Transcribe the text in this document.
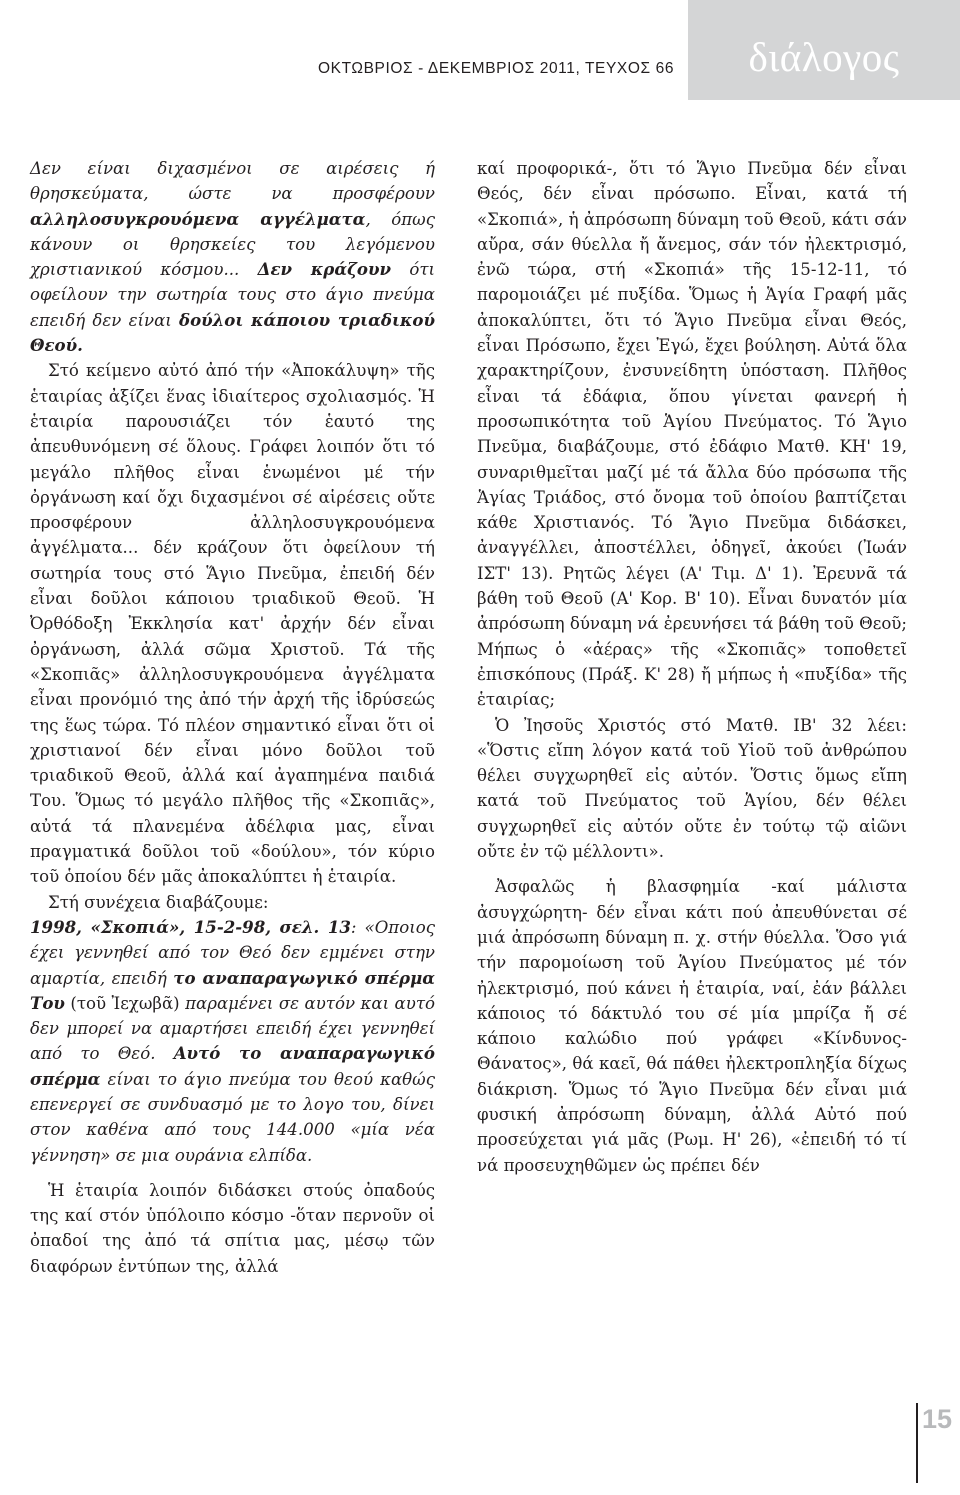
ΟΚΤΩΒΡΙΟΣ - ΔΕΚΕΜΒΡΙΟΣ 2011, ΤΕΥΧΟΣ 66	διάλογος

Δεν είναι διχασμένοι σε αιρέσεις ή θρησκεύματα, ώστε να προσφέρουν αλληλοσυγκρουόμενα αγγέλματα, όπως κάνουν οι θρησκείες του λεγόμενου χριστιανικού κόσμου... Δεν κράζουν ότι οφείλουν την σωτηρία τους στο άγιο πνεύμα επειδή δεν είναι δούλοι κάποιου τριαδικού Θεού.

Στό κείμενο αὐτό ἀπό τήν «Ἀποκάλυψη» τῆς ἑταιρίας ἀξίζει ἕνας ἰδιαίτερος σχολιασμός. Ἡ ἑταιρία παρουσιάζει τόν ἑαυτό της ἀπευθυνόμενη σέ ὅλους. Γράφει λοιπόν ὅτι τό μεγάλο πλῆθος εἶναι ἑνωμένοι μέ τήν ὀργάνωση καί ὄχι διχασμένοι σέ αἱρέσεις οὔτε προσφέρουν ἀλληλοσυγκρουόμενα ἀγγέλματα... δέν κράζουν ὅτι ὀφείλουν τή σωτηρία τους στό Ἅγιο Πνεῦμα, ἐπειδή δέν εἶναι δοῦλοι κάποιου τριαδικοῦ Θεοῦ. Ἡ Ὀρθόδοξη Ἐκκλησία κατ' ἀρχήν δέν εἶναι ὀργάνωση, ἀλλά σῶμα Χριστοῦ. Τά τῆς «Σκοπιᾶς» ἀλληλοσυγκρουόμενα ἀγγέλματα εἶναι προνόμιό της ἀπό τήν ἀρχή τῆς ἱδρύσεώς της ἕως τώρα. Τό πλέον σημαντικό εἶναι ὅτι οἱ χριστιανοί δέν εἶναι μόνο δοῦλοι τοῦ τριαδικοῦ Θεοῦ, ἀλλά καί ἀγαπημένα παιδιά Του. Ὅμως τό μεγάλο πλῆθος τῆς «Σκοπιᾶς», αὐτά τά πλανεμένα ἀδέλφια μας, εἶναι πραγματικά δοῦλοι τοῦ «δούλου», τόν κύριο τοῦ ὁποίου δέν μᾶς ἀποκαλύπτει ἡ ἑταιρία.

Στή συνέχεια διαβάζουμε:

1998, «Σκοπιά», 15-2-98, σελ. 13: «Οποιος έχει γεννηθεί από τον Θεό δεν εμμένει στην αμαρτία, επειδή το αναπαραγωγικό σπέρμα Του (τοῦ Ἰεχωβᾶ) παραμένει σε αυτόν και αυτό δεν μπορεί να αμαρτήσει επειδή έχει γεννηθεί από το Θεό. Αυτό το αναπαραγωγικό σπέρμα είναι το άγιο πνεύμα του θεού καθώς επενεργεί σε συνδυασμό με το λογο του, δίνει στον καθένα από τους 144.000 «μία νέα γέννηση» σε μια ουράνια ελπίδα.

Ἡ ἑταιρία λοιπόν διδάσκει στούς ὀπαδούς της καί στόν ὑπόλοιπο κόσμο -ὅταν περνοῦν οἱ ὀπαδοί της ἀπό τά σπίτια μας, μέσῳ τῶν διαφόρων ἐντύπων της, ἀλλά

καί προφορικά-, ὅτι τό Ἅγιο Πνεῦμα δέν εἶναι Θεός, δέν εἶναι πρόσωπο. Εἶναι, κατά τή «Σκοπιά», ἡ ἀπρόσωπη δύναμη τοῦ Θεοῦ, κάτι σάν αὔρα, σάν θύελλα ἤ ἄνεμος, σάν τόν ἠλεκτρισμό, ἐνῶ τώρα, στή «Σκοπιά» τῆς 15-12-11, τό παρομοιάζει μέ πυξίδα. Ὅμως ἡ Ἁγία Γραφή μᾶς ἀποκαλύπτει, ὅτι τό Ἅγιο Πνεῦμα εἶναι Θεός, εἶναι Πρόσωπο, ἔχει Ἐγώ, ἔχει βούληση. Αὐτά ὅλα χαρακτηρίζουν, ἐνσυνείδητη ὑπόσταση. Πλῆθος εἶναι τά ἐδάφια, ὅπου γίνεται φανερή ἡ προσωπικότητα τοῦ Ἁγίου Πνεύματος. Τό Ἅγιο Πνεῦμα, διαβάζουμε, στό ἐδάφιο Ματθ. ΚΗ' 19, συναριθμεῖται μαζί μέ τά ἄλλα δύο πρόσωπα τῆς Ἁγίας Τριάδος, στό ὄνομα τοῦ ὁποίου βαπτίζεται κάθε Χριστιανός. Τό Ἅγιο Πνεῦμα διδάσκει, ἀναγγέλλει, ἀποστέλλει, ὁδηγεῖ, ἀκούει (Ἰωάν ΙΣΤ' 13). Ρητῶς λέγει (Α' Τιμ. Δ' 1). Ἐρευνᾶ τά βάθη τοῦ Θεοῦ (Α' Κορ. Β' 10). Εἶναι δυνατόν μία ἀπρόσωπη δύναμη νά ἐρευνήσει τά βάθη τοῦ Θεοῦ; Μήπως ὁ «ἀέρας» τῆς «Σκοπιᾶς» τοποθετεῖ ἐπισκόπους (Πράξ. Κ' 28) ἤ μήπως ἡ «πυξίδα» τῆς ἑταιρίας;

Ὁ Ἰησοῦς Χριστός στό Ματθ. ΙΒ' 32 λέει: «Ὅστις εἴπη λόγον κατά τοῦ Υἱοῦ τοῦ ἀνθρώπου θέλει συγχωρηθεῖ εἰς αὐτόν. Ὅστις ὅμως εἴπη κατά τοῦ Πνεύματος τοῦ Ἁγίου, δέν θέλει συγχωρηθεῖ εἰς αὐτόν οὔτε ἐν τούτῳ τῷ αἰῶνι οὔτε ἐν τῷ μέλλοντι».

Ἀσφαλῶς ἡ βλασφημία -καί μάλιστα ἀσυγχώρητη- δέν εἶναι κάτι πού ἀπευθύνεται σέ μιά ἀπρόσωπη δύναμη π. χ. στήν θύελλα. Ὅσο γιά τήν παρομοίωση τοῦ Ἁγίου Πνεύματος μέ τόν ἠλεκτρισμό, πού κάνει ἡ ἑταιρία, ναί, ἐάν βάλλει κάποιος τό δάκτυλό του σέ μία μπρίζα ἤ σέ κάποιο καλώδιο πού γράφει «Κίνδυνος- Θάνατος», θά καεῖ, θά πάθει ἠλεκτροπληξία δίχως διάκριση. Ὅμως τό Ἅγιο Πνεῦμα δέν εἶναι μιά φυσική ἀπρόσωπη δύναμη, ἀλλά Αὐτό πού προσεύχεται γιά μᾶς (Ρωμ. Η' 26), «ἐπειδή τό τί νά προσευχηθῶμεν ὡς πρέπει δέν

15
